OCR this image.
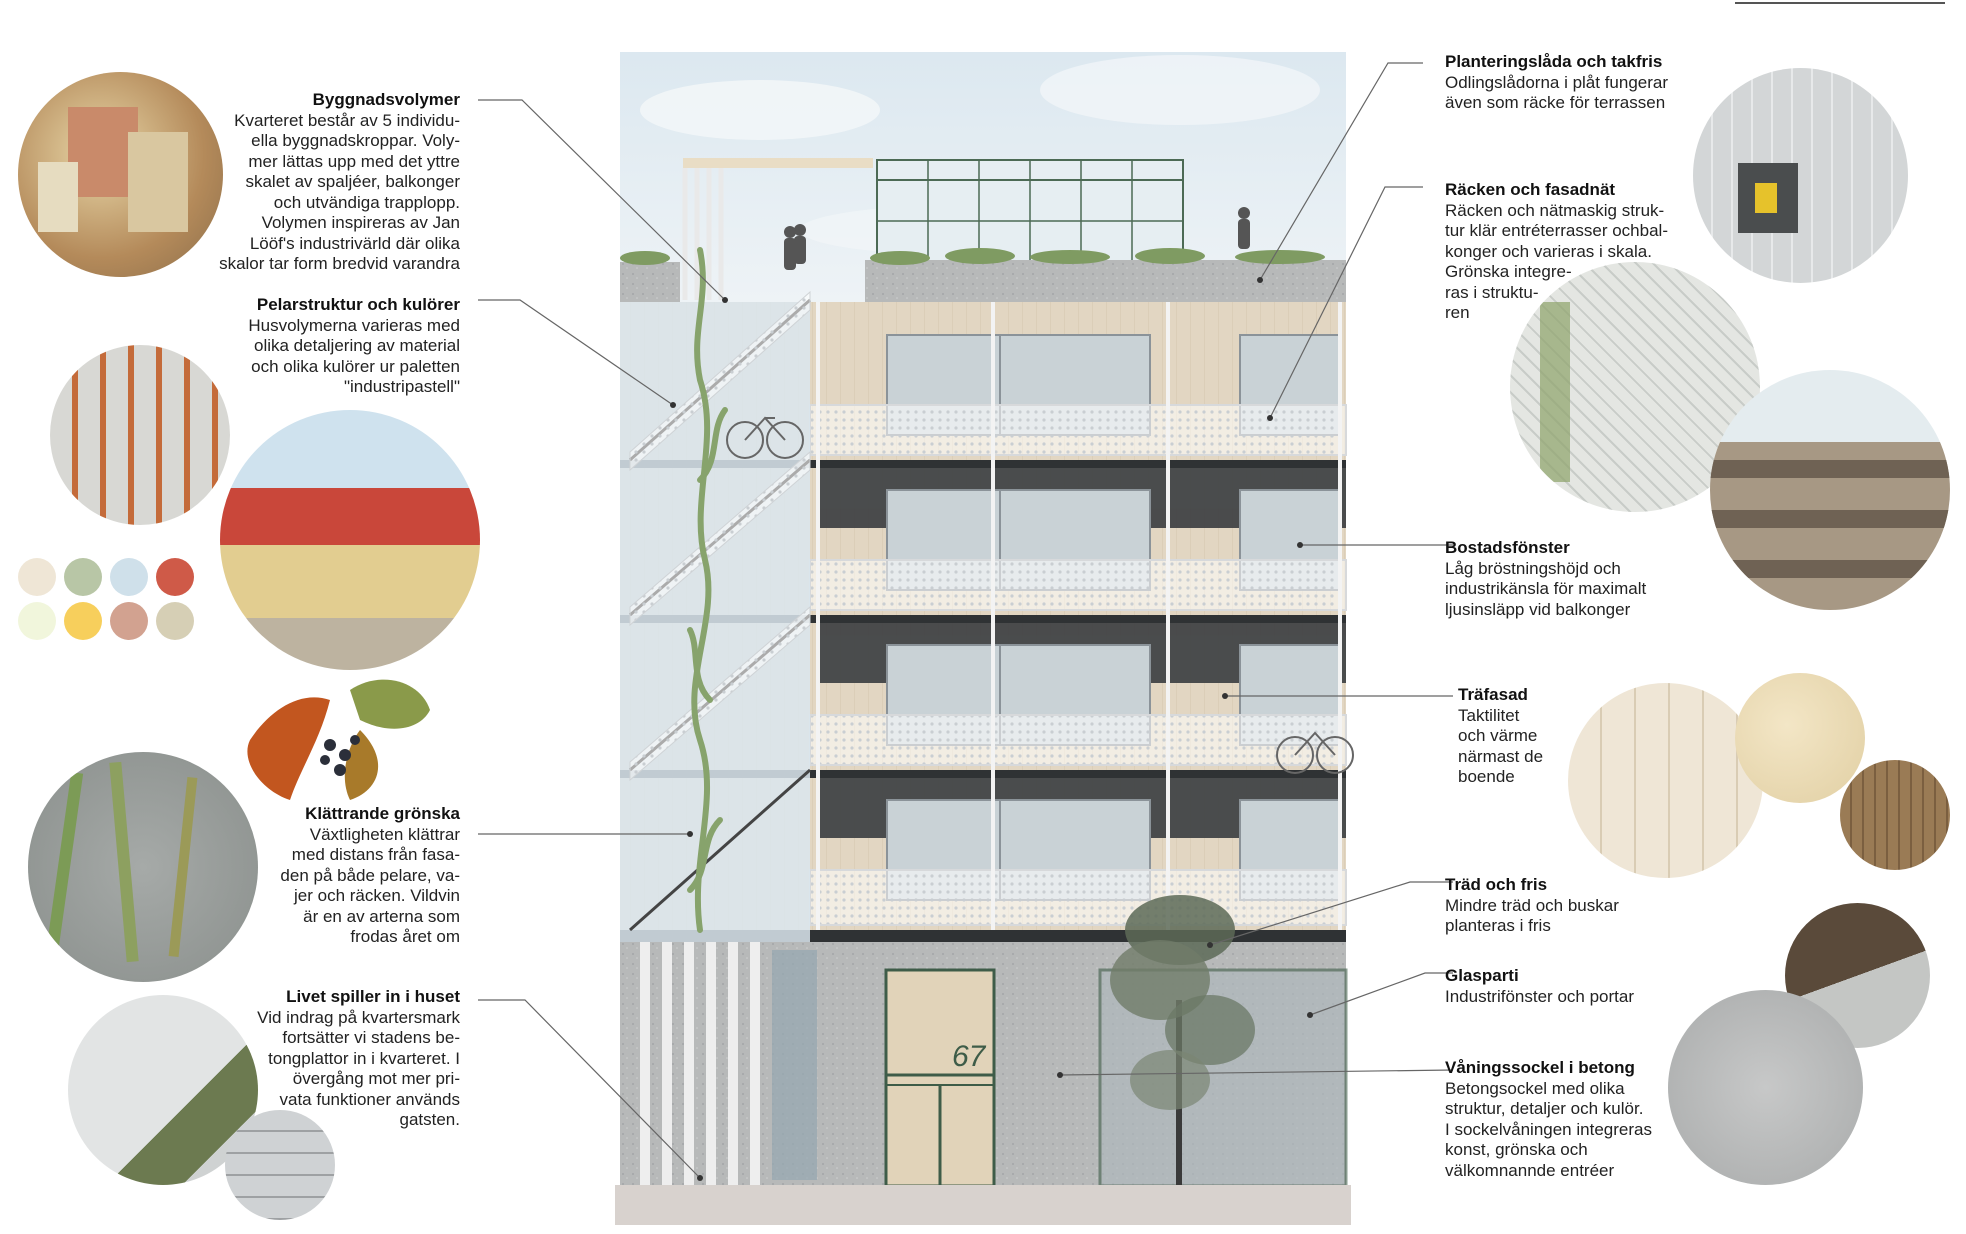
67
Byggnadsvolymer
Kvarteret består av 5 individu-
ella byggnadskroppar. Voly-
mer lättas upp med det yttre
skalet av spaljéer, balkonger
och utvändiga trapplopp.
Volymen inspireras av Jan
Lööf's industrivärld där olika
skalor tar form bredvid varandra
Pelarstruktur och kulörer
Husvolymerna varieras med
olika detaljering av material
och olika kulörer ur paletten
"industripastell"
Klättrande grönska
Växtligheten klättrar
med distans från fasa-
den på både pelare, va-
jer och räcken. Vildvin
är en av arterna som
frodas året om
Livet spiller in i huset
Vid indrag på kvartersmark
fortsätter vi stadens be-
tongplattor in i kvarteret. I
övergång mot mer pri-
vata funktioner används
gatsten.
Planteringslåda och takfris
Odlingslådorna i plåt fungerar
även som räcke för terrassen
Räcken och fasadnät
Räcken och nätmaskig struk-
tur klär entréterrasser ochbal-
konger och varieras i skala.
Grönska integre-
ras i struktu-
ren
Bostadsfönster
Låg bröstningshöjd och
industrikänsla för maximalt
ljusinsläpp vid balkonger
Träfasad
Taktilitet
och värme
närmast de
boende
Träd och fris
Mindre träd och buskar
planteras i fris
Glasparti
Industrifönster och portar
Våningssockel i betong
Betongsockel med olika
struktur, detaljer och kulör.
I sockelvåningen integreras
konst, grönska och
välkomnannde entréer
